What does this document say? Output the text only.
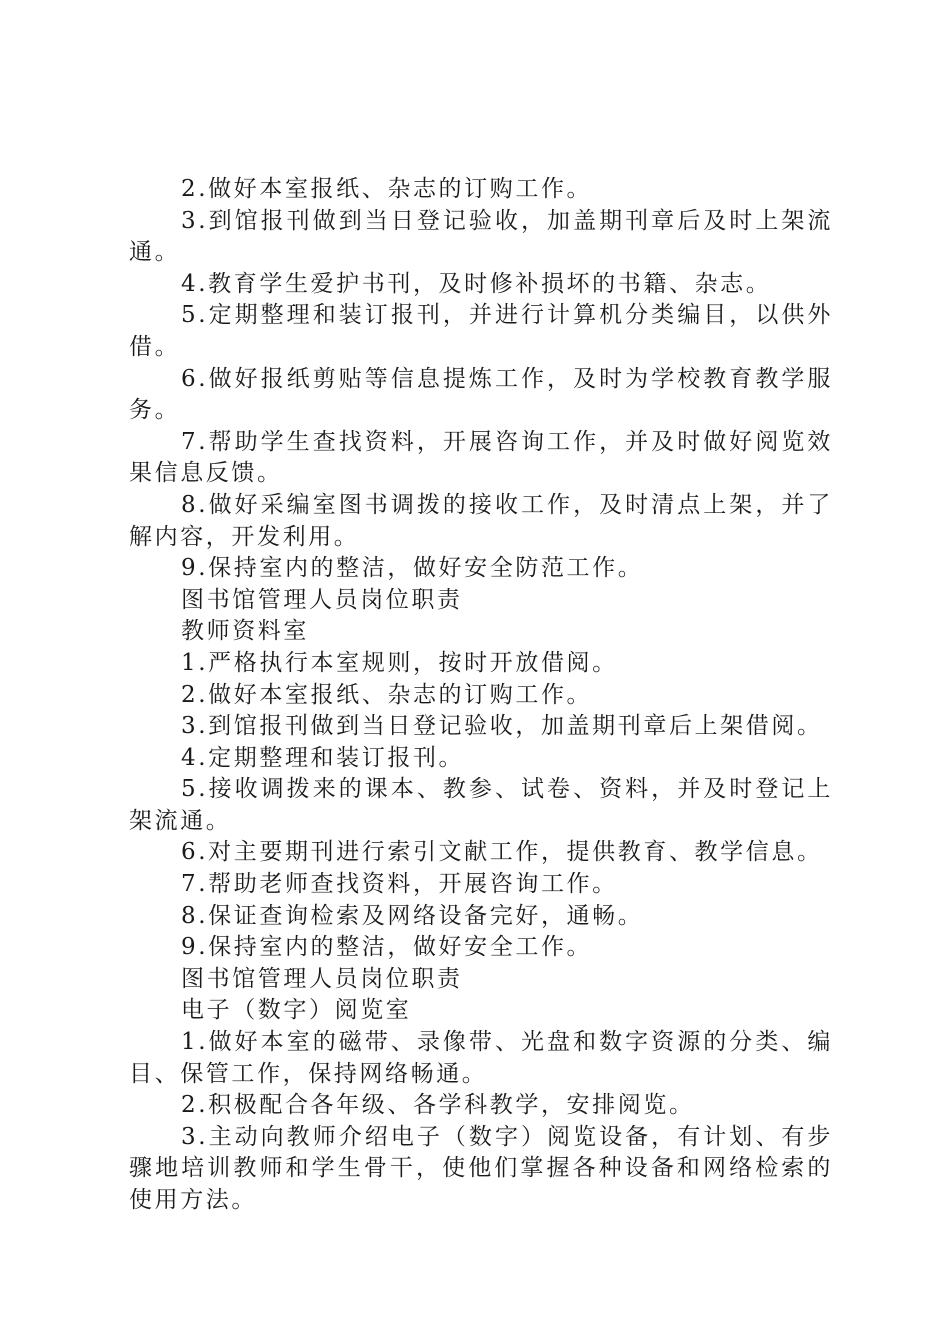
2.做好本室报纸、杂志的订购工作。

3.到馆报刊做到当日登记验收，加盖期刊章后及时上架流通。

4.教育学生爱护书刊，及时修补损坏的书籍、杂志。

5.定期整理和装订报刊，并进行计算机分类编目，以供外借。

6.做好报纸剪贴等信息提炼工作，及时为学校教育教学服务。

7.帮助学生查找资料，开展咨询工作，并及时做好阅览效果信息反馈。

8.做好采编室图书调拨的接收工作，及时清点上架，并了解内容，开发利用。

9.保持室内的整洁，做好安全防范工作。

图书馆管理人员岗位职责

教师资料室

1.严格执行本室规则，按时开放借阅。

2.做好本室报纸、杂志的订购工作。

3.到馆报刊做到当日登记验收，加盖期刊章后上架借阅。

4.定期整理和装订报刊。

5.接收调拨来的课本、教参、试卷、资料，并及时登记上架流通。

6.对主要期刊进行索引文献工作，提供教育、教学信息。

7.帮助老师查找资料，开展咨询工作。

8.保证查询检索及网络设备完好，通畅。

9.保持室内的整洁，做好安全工作。

图书馆管理人员岗位职责

电子（数字）阅览室

1.做好本室的磁带、录像带、光盘和数字资源的分类、编目、保管工作，保持网络畅通。

2.积极配合各年级、各学科教学，安排阅览。

3.主动向教师介绍电子（数字）阅览设备，有计划、有步骤地培训教师和学生骨干，使他们掌握各种设备和网络检索的使用方法。
